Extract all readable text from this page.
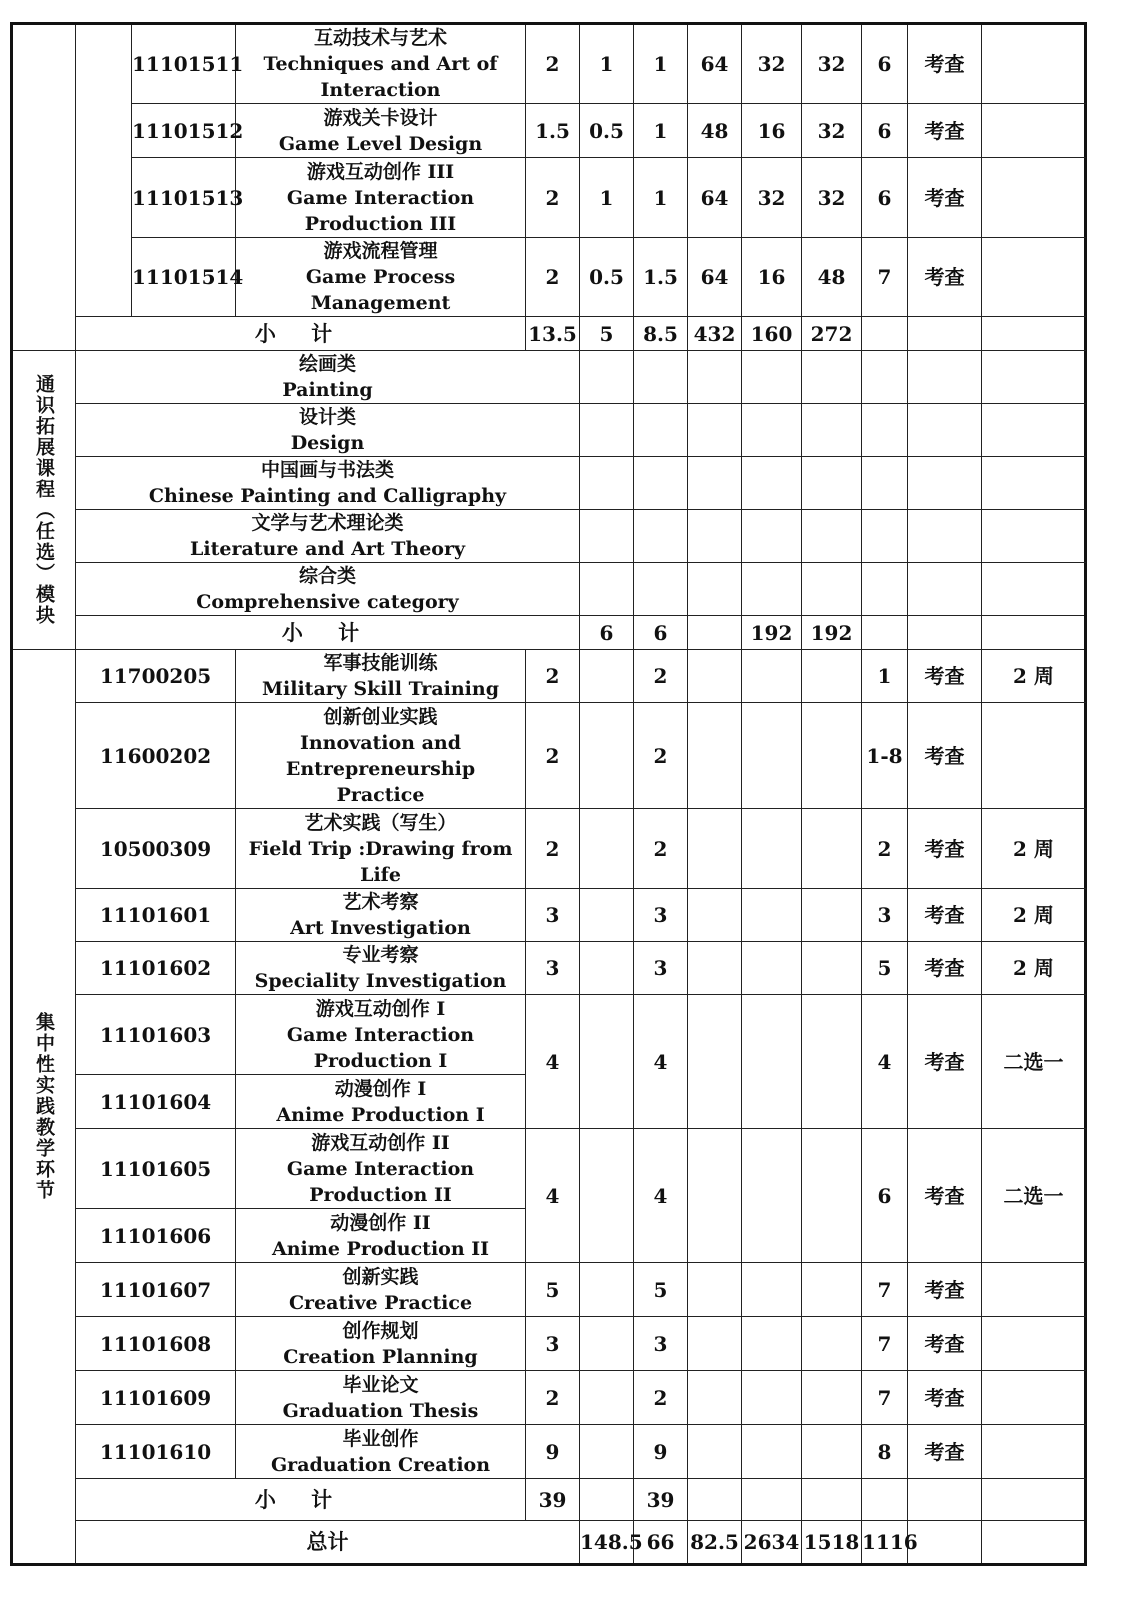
		11101511	互动技术与艺术
Techniques and Art of
Interaction	2	1	1	64	32	32	6	考查		
		11101512	游戏关卡设计
Game Level Design	1.5	0.5	1	48	16	32	6	考查		
		11101513	游戏互动创作 III
Game Interaction
Production III	2	1	1	64	32	32	6	考查		
		11101514	游戏流程管理
Game Process Management	2	0.5	1.5	64	16	48	7	考查		
	小 计			13.5	5	8.5	432	160	272				
通识拓展课程（任选）模块	绘画类
Painting												

	设计类
Design												

	中国画与书法类
Chinese Painting and Calligraphy												

	文学与艺术理论类
Literature and Art Theory												

	综合类
Comprehensive category												

	小 计				6	6		192	192				
集中性实践教学环节	11700205		军事技能训练
Military Skill Training	2		2				1	考查	2 周	
	11600202		创新创业实践
Innovation and
Entrepreneurship
Practice	2		2				1-8	考查		
	10500309		艺术实践（写生）
Field Trip :Drawing from
Life	2		2				2	考查	2 周	
	11101601		艺术考察
Art Investigation	3		3				3	考查	2 周	
	11101602		专业考察
Speciality Investigation	3		3				5	考查	2 周	
	11101603		游戏互动创作 I
Game Interaction
Production I	4		4				4	考查	二选一	
	11101604		动漫创作 I
Anime Production I										

	11101605		游戏互动创作 II
Game Interaction
Production II	4		4				6	考查	二选一	
	11101606		动漫创作 II
Anime Production II										

	11101607		创新实践
Creative Practice	5		5				7	考查		
	11101608		创作规划
Creation Planning	3		3				7	考查		
	11101609		毕业论文
Graduation Thesis	2		2				7	考查		
	11101610		毕业创作
Graduation Creation	9		9				8	考查		
	小 计			39		39							
	总计				148.5	66	82.5	2634	1518	1116			
